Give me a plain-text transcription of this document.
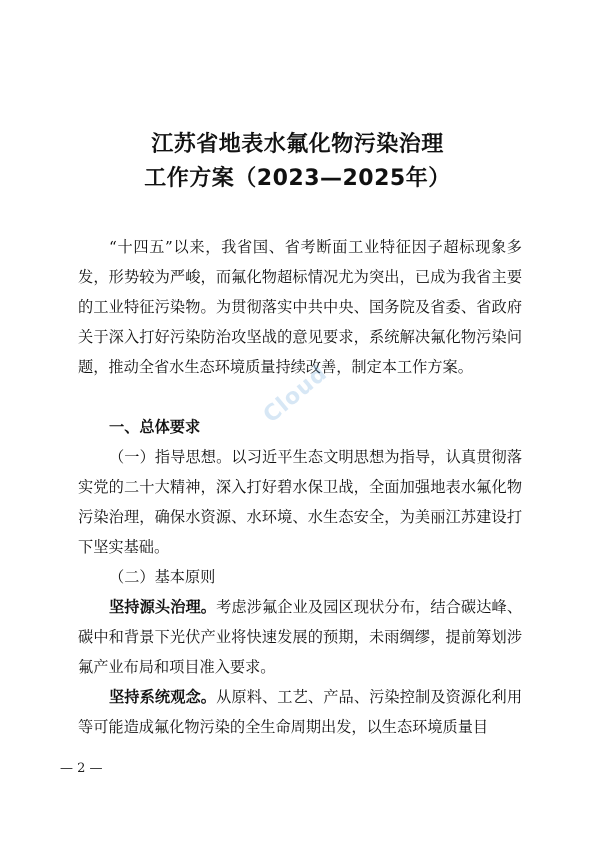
江苏省地表水氟化物污染治理
工作方案（2023—2025年）

“十四五”以来，我省国、省考断面工业特征因子超标现象多发，形势较为严峻，而氟化物超标情况尤为突出，已成为我省主要的工业特征污染物。为贯彻落实中共中央、国务院及省委、省政府关于深入打好污染防治攻坚战的意见要求，系统解决氟化物污染问题，推动全省水生态环境质量持续改善，制定本工作方案。

一、总体要求

（一）指导思想。以习近平生态文明思想为指导，认真贯彻落实党的二十大精神，深入打好碧水保卫战，全面加强地表水氟化物污染治理，确保水资源、水环境、水生态安全，为美丽江苏建设打下坚实基础。

（二）基本原则

坚持源头治理。考虑涉氟企业及园区现状分布，结合碳达峰、碳中和背景下光伏产业将快速发展的预期，未雨绸缪，提前筹划涉氟产业布局和项目准入要求。

坚持系统观念。从原料、工艺、产品、污染控制及资源化利用等可能造成氟化物污染的全生命周期出发，以生态环境质量目

Cloud
— 2 —
